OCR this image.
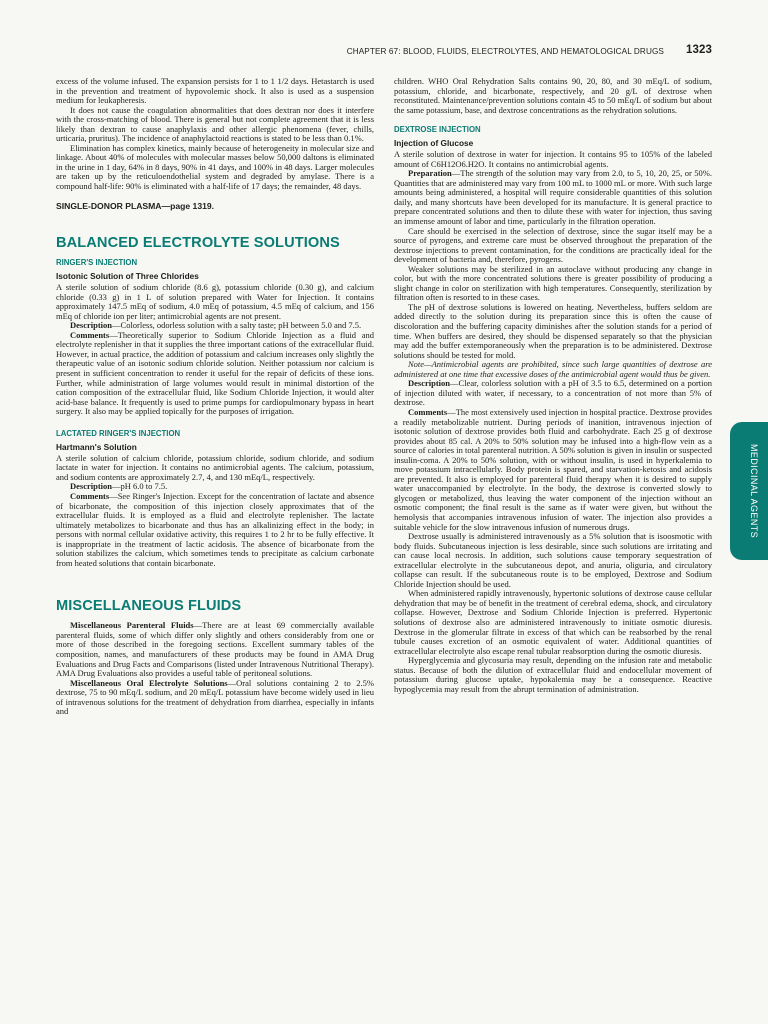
CHAPTER 67: BLOOD, FLUIDS, ELECTROLYTES, AND HEMATOLOGICAL DRUGS 1323

excess of the volume infused. The expansion persists for 1 to 1 1/2 days. Hetastarch is used in the prevention and treatment of hypovolemic shock. It also is used as a suspension medium for leukapheresis.

It does not cause the coagulation abnormalities that does dextran nor does it interfere with the cross-matching of blood. There is general but not complete agreement that it is less likely than dextran to cause anaphylaxis and other allergic phenomena (fever, chills, urticaria, pruritus). The incidence of anaphylactoid reactions is stated to be less than 0.1%.

Elimination has complex kinetics, mainly because of heterogeneity in molecular size and linkage. About 40% of molecules with molecular masses below 50,000 daltons is eliminated in the urine in 1 day, 64% in 8 days, 90% in 41 days, and 100% in 48 days. Larger molecules are taken up by the reticuloendothelial system and degraded by amylase. There is a compound half-life: 90% is eliminated with a half-life of 17 days; the remainder, 48 days.

SINGLE-DONOR PLASMA—page 1319.

BALANCED ELECTROLYTE SOLUTIONS
RINGER'S INJECTION
Isotonic Solution of Three Chlorides

A sterile solution of sodium chloride (8.6 g), potassium chloride (0.30 g), and calcium chloride (0.33 g) in 1 L of solution prepared with Water for Injection. It contains approximately 147.5 mEq of sodium, 4.0 mEq of potassium, 4.5 mEq of calcium, and 156 mEq of chloride ion per liter; antimicrobial agents are not present.

Description—Colorless, odorless solution with a salty taste; pH between 5.0 and 7.5.

Comments—Theoretically superior to Sodium Chloride Injection as a fluid and electrolyte replenisher in that it supplies the three important cations of the extracellular fluid. However, in actual practice, the addition of potassium and calcium increases only slightly the therapeutic value of an isotonic sodium chloride solution. Neither potassium nor calcium is present in sufficient concentration to render it useful for the repair of deficits of these ions. Further, while administration of large volumes would result in minimal distortion of the cation composition of the extracellular fluid, like Sodium Chloride Injection, it would alter acid-base balance. It frequently is used to prime pumps for cardiopulmonary bypass in heart surgery. It also may be applied topically for the purposes of irrigation.

LACTATED RINGER'S INJECTION
Hartmann's Solution

A sterile solution of calcium chloride, potassium chloride, sodium chloride, and sodium lactate in water for injection. It contains no antimicrobial agents. The calcium, potassium, and sodium contents are approximately 2.7, 4, and 130 mEq/L, respectively.

Description—pH 6.0 to 7.5.

Comments—See Ringer's Injection. Except for the concentration of lactate and absence of bicarbonate, the composition of this injection closely approximates that of the extracellular fluids. It is employed as a fluid and electrolyte replenisher. The lactate ultimately metabolizes to bicarbonate and thus has an alkalinizing effect in the body; in persons with normal cellular oxidative activity, this requires 1 to 2 hr to be fully effective. It is inappropriate in the treatment of lactic acidosis. The absence of bicarbonate from the solution stabilizes the calcium, which sometimes tends to precipitate as calcium carbonate from heated solutions that contain bicarbonate.

MISCELLANEOUS FLUIDS

Miscellaneous Parenteral Fluids—There are at least 69 commercially available parenteral fluids, some of which differ only slightly and others considerably from one or more of those described in the foregoing sections. Excellent summary tables of the composition, names, and manufacturers of these products may be found in AMA Drug Evaluations and Drug Facts and Comparisons (listed under Intravenous Nutritional Therapy). AMA Drug Evaluations also provides a useful table of peritoneal solutions.

Miscellaneous Oral Electrolyte Solutions—Oral solutions containing 2 to 2.5% dextrose, 75 to 90 mEq/L sodium, and 20 mEq/L potassium have become widely used in lieu of intravenous solutions for the treatment of dehydration from diarrhea, especially in infants and

children. WHO Oral Rehydration Salts contains 90, 20, 80, and 30 mEq/L of sodium, potassium, chloride, and bicarbonate, respectively, and 20 g/L of dextrose when reconstituted. Maintenance/prevention solutions contain 45 to 50 mEq/L of sodium but about the same potassium, base, and dextrose concentrations as the rehydration solutions.

DEXTROSE INJECTION
Injection of Glucose

A sterile solution of dextrose in water for injection. It contains 95 to 105% of the labeled amount of C6H12O6.H2O. It contains no antimicrobial agents.

Preparation—The strength of the solution may vary from 2.0, to 5, 10, 20, 25, or 50%. Quantities that are administered may vary from 100 mL to 1000 mL or more. With such large amounts being administered, a hospital will require considerable quantities of this solution daily, and many shortcuts have been developed for its manufacture. It is general practice to prepare concentrated solutions and then to dilute these with water for injection, thus saving an immense amount of labor and time, particularly in the filtration operation.

Care should be exercised in the selection of dextrose, since the sugar itself may be a source of pyrogens, and extreme care must be observed throughout the preparation of the dextrose injections to prevent contamination, for the conditions are practically ideal for the development of bacteria and, therefore, pyrogens.

Weaker solutions may be sterilized in an autoclave without producing any change in color, but with the more concentrated solutions there is greater possibility of producing a slight change in color on sterilization with high temperatures. Consequently, sterilization by filtration often is resorted to in these cases.

The pH of dextrose solutions is lowered on heating. Nevertheless, buffers seldom are added directly to the solution during its preparation since this is often the cause of discoloration and the buffering capacity diminishes after the solution stands for a period of time. When buffers are desired, they should be dispensed separately so that the physician may add the buffer extemporaneously when the preparation is to be administered. Dextrose solutions should be tested for mold.

Note—Antimicrobial agents are prohibited, since such large quantities of dextrose are administered at one time that excessive doses of the antimicrobial agent would thus be given.

Description—Clear, colorless solution with a pH of 3.5 to 6.5, determined on a portion of injection diluted with water, if necessary, to a concentration of not more than 5% of dextrose.

Comments—The most extensively used injection in hospital practice. Dextrose provides a readily metabolizable nutrient. During periods of inanition, intravenous injection of isotonic solution of dextrose provides both fluid and carbohydrate. Each 25 g of dextrose provides about 85 cal. A 20% to 50% solution may be infused into a high-flow vein as a source of calories in total parenteral nutrition. A 50% solution is given in insulin or suspected insulin-coma. A 20% to 50% solution, with or without insulin, is used in hyperkalemia to move potassium intracellularly. Body protein is spared, and starvation-ketosis and acidosis are prevented. It also is employed for parenteral fluid therapy when it is desired to supply water unaccompanied by electrolyte. In the body, the dextrose is converted slowly to glycogen or metabolized, thus leaving the water component of the injection without an osmotic component; the final result is the same as if water were given, but without the hemolysis that accompanies intravenous infusion of water. The injection also provides a suitable vehicle for the slow intravenous infusion of numerous drugs.

Dextrose usually is administered intravenously as a 5% solution that is isoosmotic with body fluids. Subcutaneous injection is less desirable, since such solutions are irritating and can cause local necrosis. In addition, such solutions cause temporary sequestration of extracellular electrolyte in the subcutaneous depot, and anuria, oliguria, and circulatory collapse can result. If the subcutaneous route is to be employed, Dextrose and Sodium Chloride Injection should be used.

When administered rapidly intravenously, hypertonic solutions of dextrose cause cellular dehydration that may be of benefit in the treatment of cerebral edema, shock, and circulatory collapse. However, Dextrose and Sodium Chloride Injection is preferred. Hypertonic solutions of dextrose also are administered intravenously to initiate osmotic diuresis. Dextrose in the glomerular filtrate in excess of that which can be reabsorbed by the renal tubule causes excretion of an osmotic equivalent of water. Additional quantities of extracellular electrolyte also escape renal tubular reabsorption during the osmotic diuresis.

Hyperglycemia and glycosuria may result, depending on the infusion rate and metabolic status. Because of both the dilution of extracellular fluid and endocellular movement of potassium during glucose uptake, hypokalemia may be a consequence. Reactive hypoglycemia may result from the abrupt termination of administration.

MEDICINAL AGENTS
